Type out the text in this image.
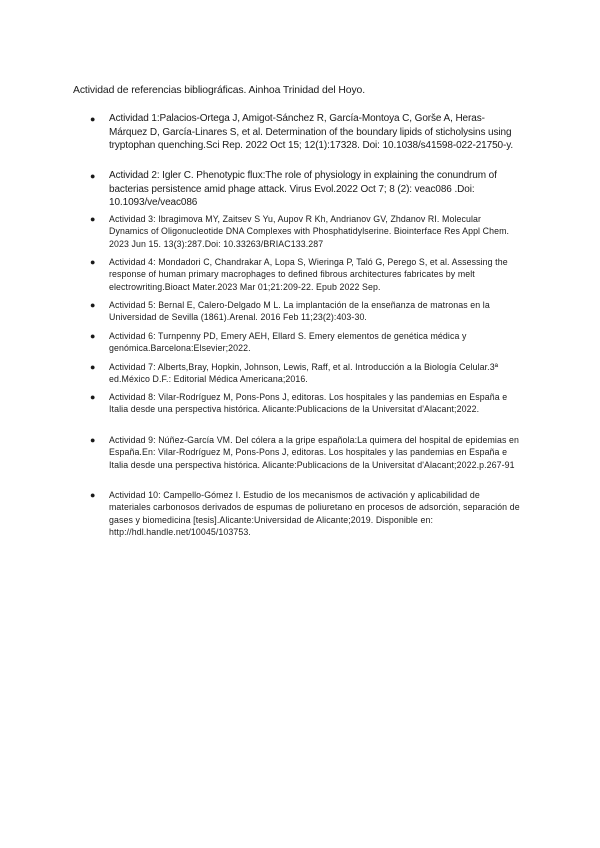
Actividad de referencias bibliográficas. Ainhoa Trinidad del Hoyo.
● Actividad 1:Palacios-Ortega J, Amigot-Sánchez R, García-Montoya C, Gorše A, Heras-Márquez D, García-Linares S, et al. Determination of the boundary lipids of sticholysins using tryptophan quenching.Sci Rep. 2022 Oct 15; 12(1):17328. Doi: 10.1038/s41598-022-21750-y.
● Actividad 2: Igler C. Phenotypic flux:The role of physiology in explaining the conundrum of bacterias persistence amid phage attack. Virus Evol.2022 Oct 7; 8 (2): veac086 .Doi: 10.1093/ve/veac086
● Actividad 3: Ibragimova MY, Zaitsev S Yu, Aupov R Kh, Andrianov GV, Zhdanov RI. Molecular Dynamics of Oligonucleotide DNA Complexes with Phosphatidylserine. Biointerface Res Appl Chem. 2023 Jun 15. 13(3):287.Doi: 10.33263/BRIAC133.287
● Actividad 4: Mondadori C, Chandrakar A, Lopa S, Wieringa P, Taló G, Perego S, et al. Assessing the response of human primary macrophages to defined fibrous architectures fabricates by melt electrowriting.Bioact Mater.2023 Mar 01;21:209-22. Epub 2022 Sep.
● Actividad 5: Bernal E, Calero-Delgado M L. La implantación de la enseñanza de matronas en la Universidad de Sevilla (1861).Arenal. 2016 Feb 11;23(2):403-30.
● Actividad 6: Turnpenny PD, Emery AEH, Ellard S. Emery elementos de genética médica y genómica.Barcelona:Elsevier;2022.
● Actividad 7: Alberts,Bray, Hopkin, Johnson, Lewis, Raff, et al. Introducción a la Biología Celular.3ª ed.México D.F.: Editorial Médica Americana;2016.
● Actividad 8: Vilar-Rodríguez M, Pons-Pons J, editoras. Los hospitales y las pandemias en España e Italia desde una perspectiva histórica. Alicante:Publicacions de la Universitat d'Alacant;2022.
● Actividad 9: Núñez-García VM. Del cólera a la gripe española:La quimera del hospital de epidemias en España.En: Vilar-Rodríguez M, Pons-Pons J, editoras. Los hospitales y las pandemias en España e Italia desde una perspectiva histórica. Alicante:Publicacions de la Universitat d'Alacant;2022.p.267-91
● Actividad 10: Campello-Gómez I. Estudio de los mecanismos de activación y aplicabilidad de materiales carbonosos derivados de espumas de poliuretano en procesos de adsorción, separación de gases y biomedicina [tesis].Alicante:Universidad de Alicante;2019. Disponible en: http://hdl.handle.net/10045/103753.
